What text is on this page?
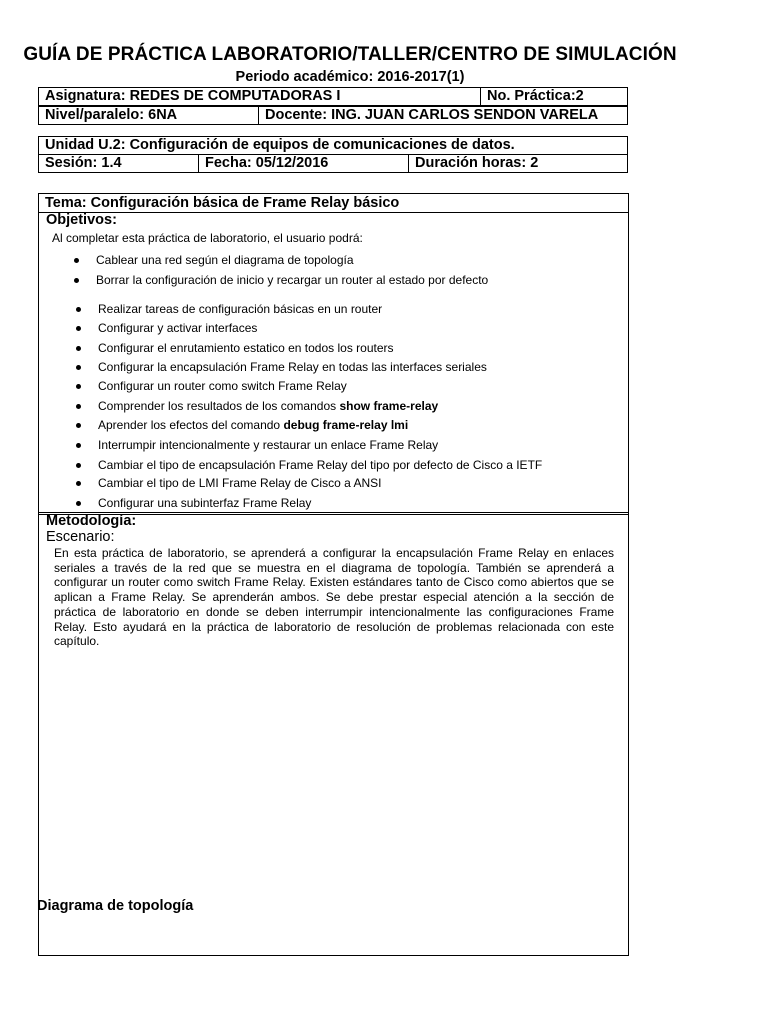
GUÍA DE PRÁCTICA LABORATORIO/TALLER/CENTRO DE SIMULACIÓN
Periodo académico: 2016-2017(1)
Asignatura: REDES DE COMPUTADORAS I	No. Práctica:2
Nivel/paralelo: 6NA	Docente: ING. JUAN CARLOS SENDON VARELA
Unidad U.2: Configuración de equipos de comunicaciones de datos.
Sesión: 1.4	Fecha: 05/12/2016	Duración horas: 2
Tema: Configuración básica de Frame Relay básico
Objetivos:
Al completar esta práctica de laboratorio, el usuario podrá:
Cablear una red según el diagrama de topología
Borrar la configuración de inicio y recargar un router al estado por defecto
Realizar tareas de configuración básicas en un router
Configurar y activar interfaces
Configurar el enrutamiento estatico en todos los routers
Configurar la encapsulación Frame Relay en todas las interfaces seriales
Configurar un router como switch Frame Relay
Comprender los resultados de los comandos show frame-relay
Aprender los efectos del comando debug frame-relay lmi
Interrumpir intencionalmente y restaurar un enlace Frame Relay
Cambiar el tipo de encapsulación Frame Relay del tipo por defecto de Cisco a IETF
Cambiar el tipo de LMI Frame Relay de Cisco a ANSI
Configurar una subinterfaz Frame Relay
Metodología:
Escenario:
En esta práctica de laboratorio, se aprenderá a configurar la encapsulación Frame Relay en enlaces seriales a través de la red que se muestra en el diagrama de topología. También se aprenderá a configurar un router como switch Frame Relay. Existen estándares tanto de Cisco como abiertos que se aplican a Frame Relay. Se aprenderán ambos. Se debe prestar especial atención a la sección de práctica de laboratorio en donde se deben interrumpir intencionalmente las configuraciones Frame Relay. Esto ayudará en la práctica de laboratorio de resolución de problemas relacionada con este capítulo.
Diagrama de topología
